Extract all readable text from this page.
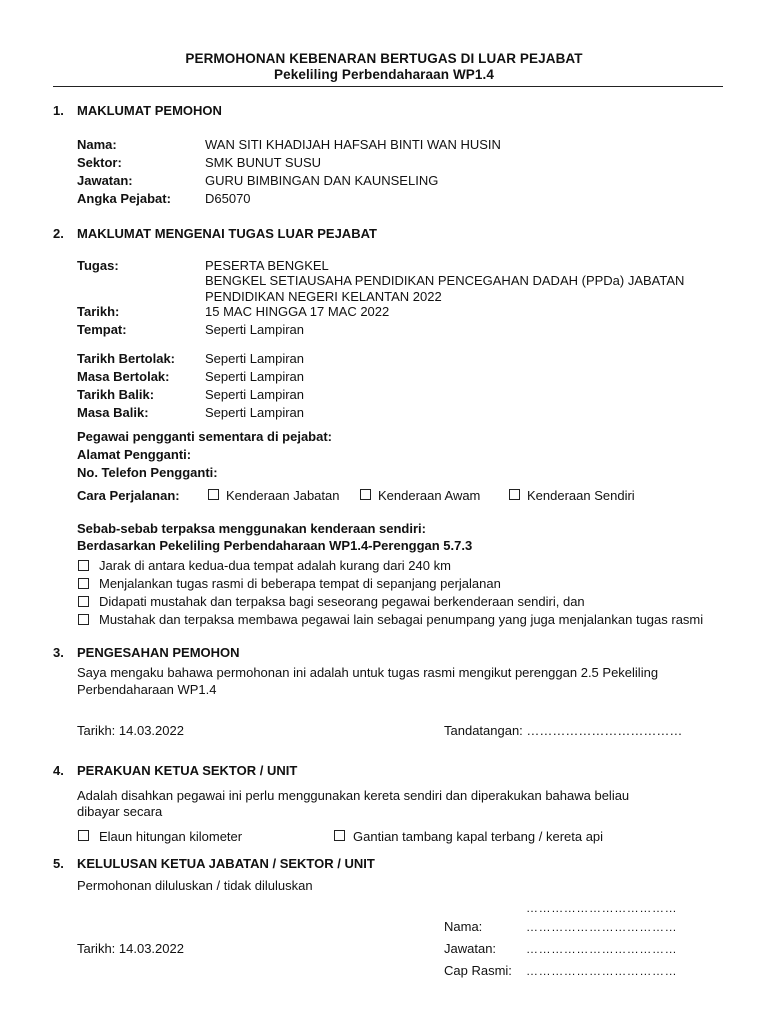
PERMOHONAN KEBENARAN BERTUGAS DI LUAR PEJABAT
Pekeliling Perbendaharaan WP1.4
1. MAKLUMAT PEMOHON
Nama:	WAN SITI KHADIJAH HAFSAH BINTI WAN HUSIN
Sektor:	SMK BUNUT SUSU
Jawatan:	GURU BIMBINGAN DAN KAUNSELING
Angka Pejabat:	D65070
2. MAKLUMAT MENGENAI TUGAS LUAR PEJABAT
Tugas:	PESERTA BENGKEL
BENGKEL SETIAUSAHA PENDIDIKAN PENCEGAHAN DADAH (PPDa) JABATAN
PENDIDIKAN NEGERI KELANTAN 2022
Tarikh:	15 MAC HINGGA 17 MAC 2022
Tempat:	Seperti Lampiran
Tarikh Bertolak: Seperti Lampiran
Masa Bertolak:	Seperti Lampiran
Tarikh Balik:	Seperti Lampiran
Masa Balik:	Seperti Lampiran
Pegawai pengganti sementara di pejabat:
Alamat Pengganti:
No. Telefon Pengganti:
Cara Perjalanan:	Kenderaan Jabatan	Kenderaan Awam	Kenderaan Sendiri
Sebab-sebab terpaksa menggunakan kenderaan sendiri:
Berdasarkan Pekeliling Perbendaharaan WP1.4-Perenggan 5.7.3
Jarak di antara kedua-dua tempat adalah kurang dari 240 km
Menjalankan tugas rasmi di beberapa tempat di sepanjang perjalanan
Didapati mustahak dan terpaksa bagi seseorang pegawai berkenderaan sendiri, dan
Mustahak dan terpaksa membawa pegawai lain sebagai penumpang yang juga menjalankan tugas rasmi
3. PENGESAHAN PEMOHON
Saya mengaku bahawa permohonan ini adalah untuk tugas rasmi mengikut perenggan 2.5 Pekeliling
Perbendaharaan WP1.4
Tarikh: 14.03.2022	Tandatangan: ………………………………
4. PERAKUAN KETUA SEKTOR / UNIT
Adalah disahkan pegawai ini perlu menggunakan kereta sendiri dan diperakukan bahawa beliau
dibayar secara
Elaun hitungan kilometer	Gantian tambang kapal terbang / kereta api
5. KELULUSAN KETUA JABATAN / SEKTOR / UNIT
Permohonan diluluskan / tidak diluluskan
………………………………
Nama:	………………………………
Tarikh: 14.03.2022	Jawatan: ………………………………
Cap Rasmi: ………………………………
